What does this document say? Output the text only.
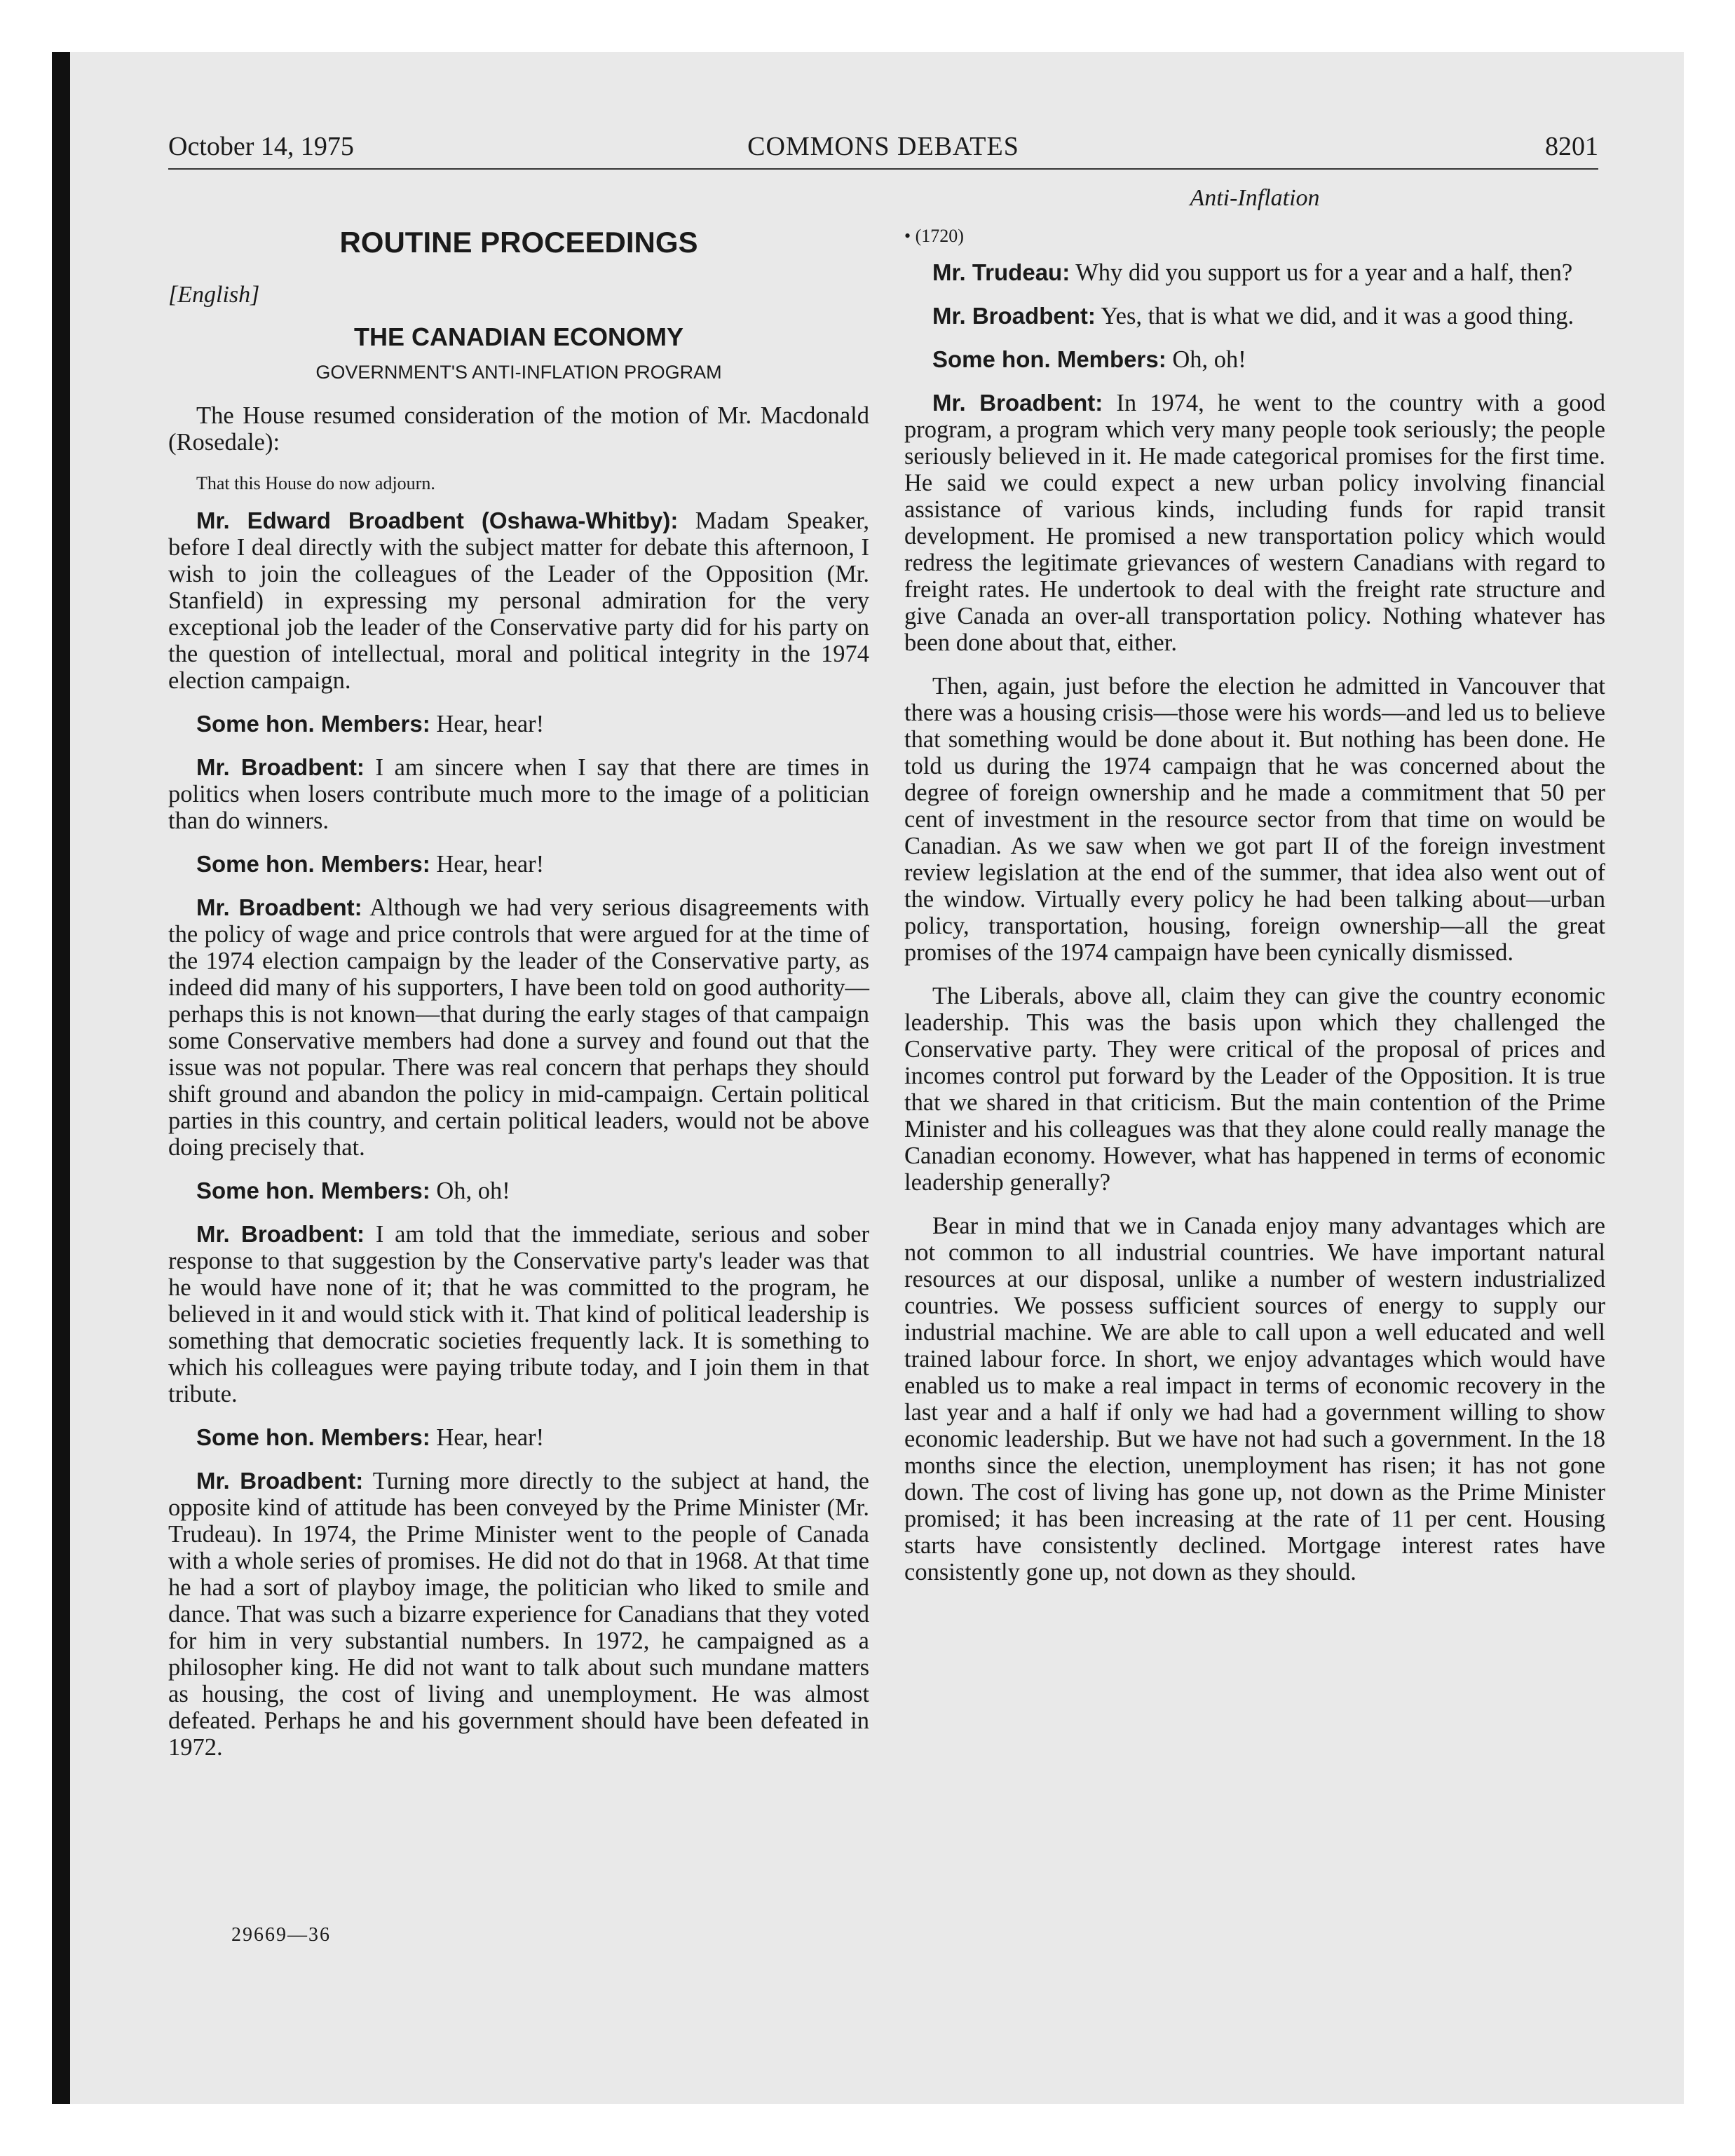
October 14, 1975	COMMONS DEBATES	8201
ROUTINE PROCEEDINGS
[English]
THE CANADIAN ECONOMY
GOVERNMENT'S ANTI-INFLATION PROGRAM

The House resumed consideration of the motion of Mr. Macdonald (Rosedale):

That this House do now adjourn.

Mr. Edward Broadbent (Oshawa-Whitby): Madam Speaker, before I deal directly with the subject matter for debate this afternoon, I wish to join the colleagues of the Leader of the Opposition (Mr. Stanfield) in expressing my personal admiration for the very exceptional job the leader of the Conservative party did for his party on the question of intellectual, moral and political integrity in the 1974 election campaign.

Some hon. Members: Hear, hear!

Mr. Broadbent: I am sincere when I say that there are times in politics when losers contribute much more to the image of a politician than do winners.

Some hon. Members: Hear, hear!

Mr. Broadbent: Although we had very serious disagreements with the policy of wage and price controls that were argued for at the time of the 1974 election campaign by the leader of the Conservative party, as indeed did many of his supporters, I have been told on good authority—perhaps this is not known—that during the early stages of that campaign some Conservative members had done a survey and found out that the issue was not popular. There was real concern that perhaps they should shift ground and abandon the policy in mid-campaign. Certain political parties in this country, and certain political leaders, would not be above doing precisely that.

Some hon. Members: Oh, oh!

Mr. Broadbent: I am told that the immediate, serious and sober response to that suggestion by the Conservative party's leader was that he would have none of it; that he was committed to the program, he believed in it and would stick with it. That kind of political leadership is something that democratic societies frequently lack. It is something to which his colleagues were paying tribute today, and I join them in that tribute.

Some hon. Members: Hear, hear!

Mr. Broadbent: Turning more directly to the subject at hand, the opposite kind of attitude has been conveyed by the Prime Minister (Mr. Trudeau). In 1974, the Prime Minister went to the people of Canada with a whole series of promises. He did not do that in 1968. At that time he had a sort of playboy image, the politician who liked to smile and dance. That was such a bizarre experience for Canadians that they voted for him in very substantial numbers. In 1972, he campaigned as a philosopher king. He did not want to talk about such mundane matters as housing, the cost of living and unemployment. He was almost defeated. Perhaps he and his government should have been defeated in 1972.

Anti-Inflation
• (1720)

Mr. Trudeau: Why did you support us for a year and a half, then?

Mr. Broadbent: Yes, that is what we did, and it was a good thing.

Some hon. Members: Oh, oh!

Mr. Broadbent: In 1974, he went to the country with a good program, a program which very many people took seriously; the people seriously believed in it. He made categorical promises for the first time. He said we could expect a new urban policy involving financial assistance of various kinds, including funds for rapid transit development. He promised a new transportation policy which would redress the legitimate grievances of western Canadians with regard to freight rates. He undertook to deal with the freight rate structure and give Canada an over-all transportation policy. Nothing whatever has been done about that, either.

Then, again, just before the election he admitted in Vancouver that there was a housing crisis—those were his words—and led us to believe that something would be done about it. But nothing has been done. He told us during the 1974 campaign that he was concerned about the degree of foreign ownership and he made a commitment that 50 per cent of investment in the resource sector from that time on would be Canadian. As we saw when we got part II of the foreign investment review legislation at the end of the summer, that idea also went out of the window. Virtually every policy he had been talking about—urban policy, transportation, housing, foreign ownership—all the great promises of the 1974 campaign have been cynically dismissed.

The Liberals, above all, claim they can give the country economic leadership. This was the basis upon which they challenged the Conservative party. They were critical of the proposal of prices and incomes control put forward by the Leader of the Opposition. It is true that we shared in that criticism. But the main contention of the Prime Minister and his colleagues was that they alone could really manage the Canadian economy. However, what has happened in terms of economic leadership generally?

Bear in mind that we in Canada enjoy many advantages which are not common to all industrial countries. We have important natural resources at our disposal, unlike a number of western industrialized countries. We possess sufficient sources of energy to supply our industrial machine. We are able to call upon a well educated and well trained labour force. In short, we enjoy advantages which would have enabled us to make a real impact in terms of economic recovery in the last year and a half if only we had had a government willing to show economic leadership. But we have not had such a government. In the 18 months since the election, unemployment has risen; it has not gone down. The cost of living has gone up, not down as the Prime Minister promised; it has been increasing at the rate of 11 per cent. Housing starts have consistently declined. Mortgage interest rates have consistently gone up, not down as they should.

29669—36
